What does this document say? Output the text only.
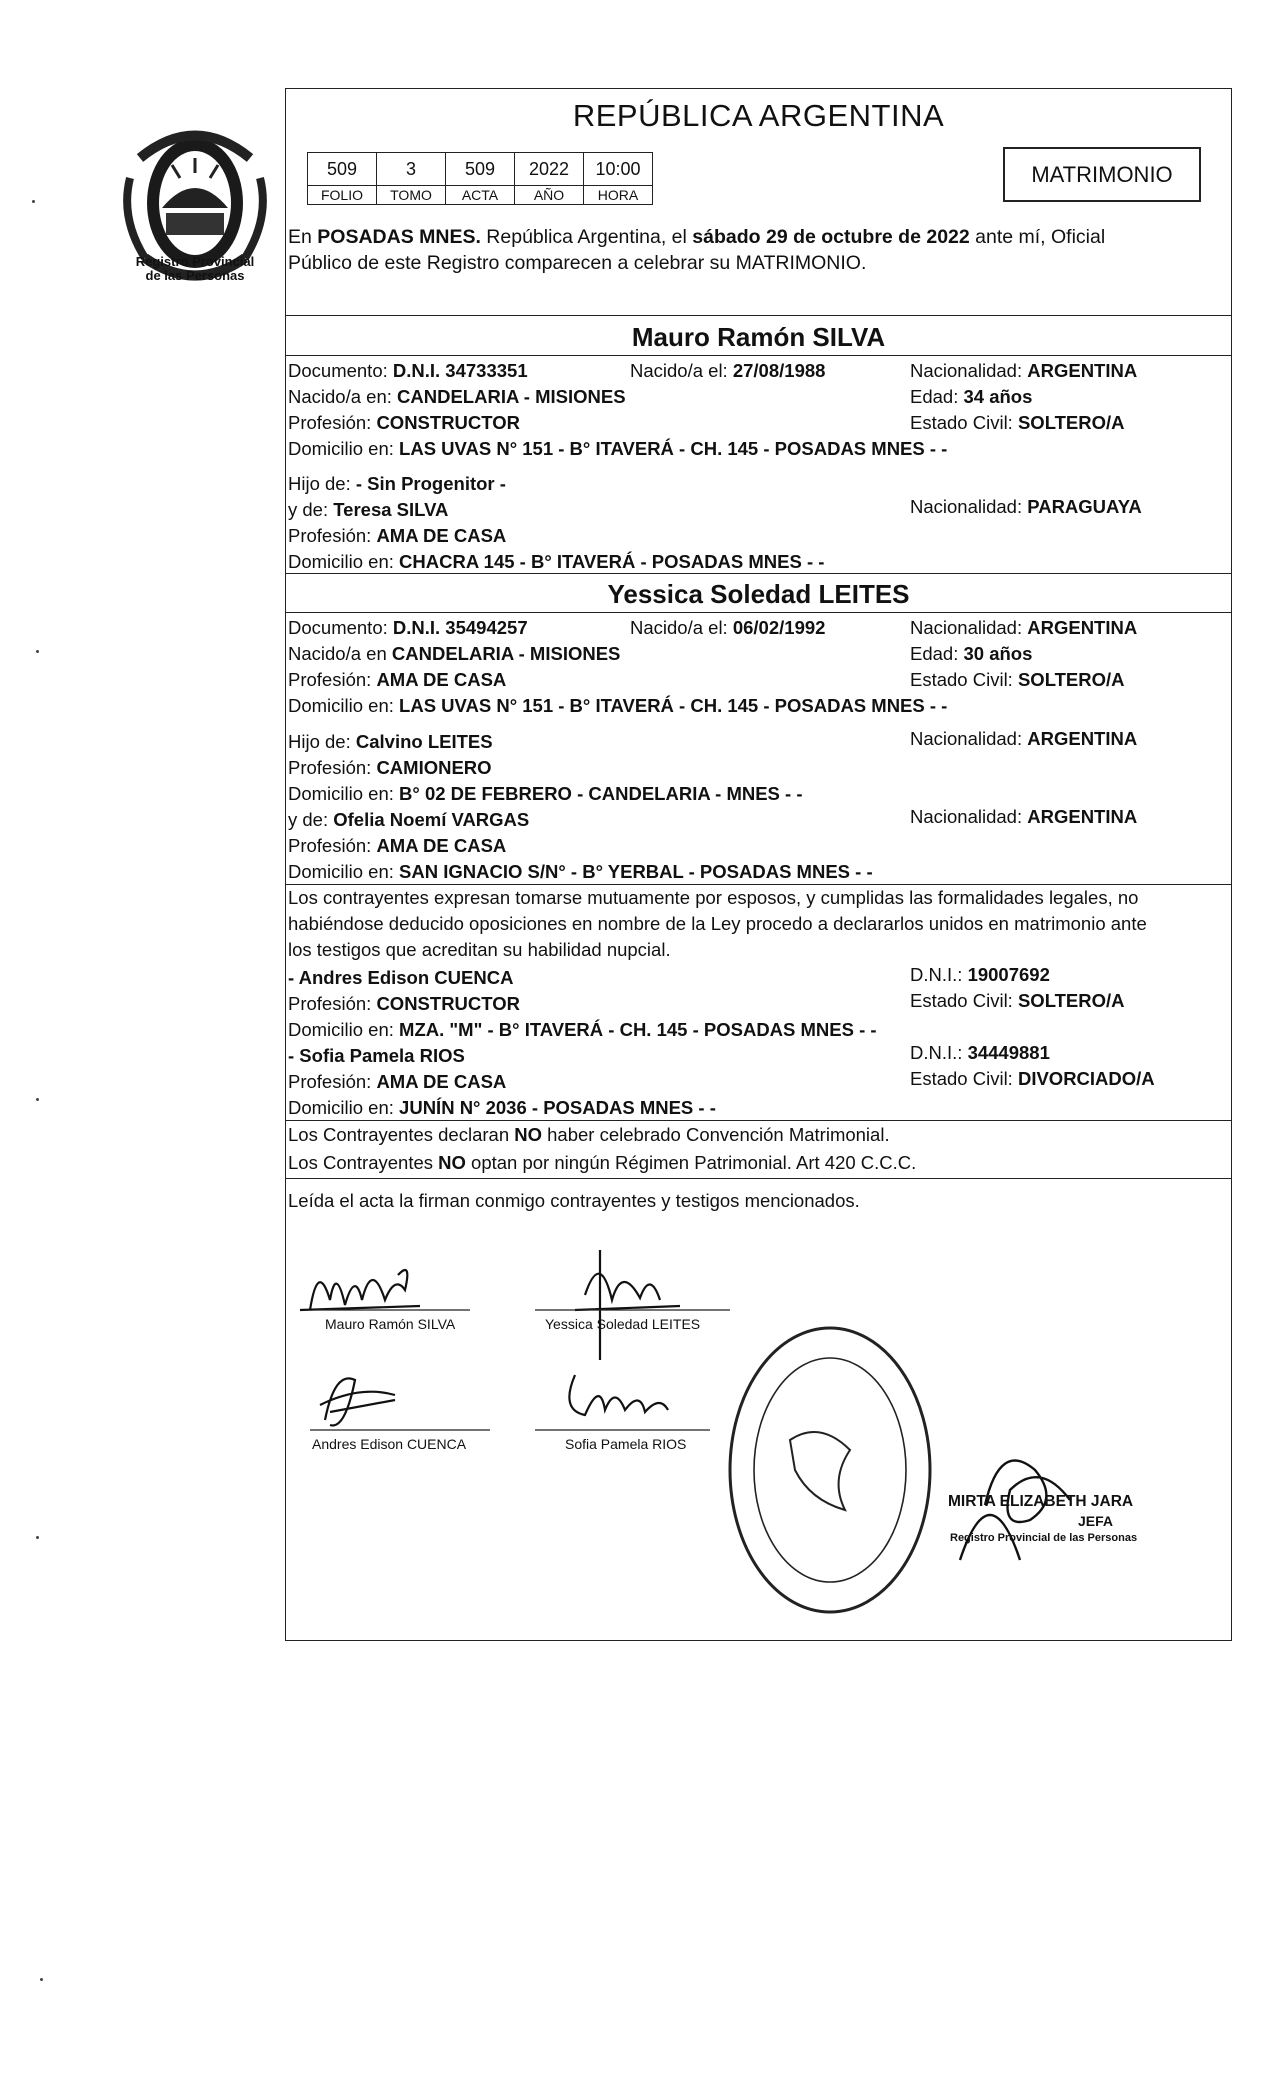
Registro Provincial
de las Personas
REPÚBLICA ARGENTINA
509	3	509	2022	10:00
FOLIO	TOMO	ACTA	AÑO	HORA
MATRIMONIO
En POSADAS MNES. República Argentina, el sábado 29 de octubre de 2022 ante mí, Oficial
Público de este Registro comparecen a celebrar su MATRIMONIO.
Mauro Ramón SILVA
Documento: D.N.I. 34733351	Nacido/a el: 27/08/1988	Nacionalidad: ARGENTINA
Nacido/a en: CANDELARIA - MISIONES	Edad: 34 años
Profesión: CONSTRUCTOR	Estado Civil: SOLTERO/A
Domicilio en: LAS UVAS N° 151 - B° ITAVERÁ - CH. 145 - POSADAS MNES - -
Hijo de: - Sin Progenitor -
y de: Teresa SILVA	Nacionalidad: PARAGUAYA
Profesión: AMA DE CASA
Domicilio en: CHACRA 145 - B° ITAVERÁ - POSADAS MNES - -
Yessica Soledad LEITES
Documento: D.N.I. 35494257	Nacido/a el: 06/02/1992	Nacionalidad: ARGENTINA
Nacido/a en CANDELARIA - MISIONES	Edad: 30 años
Profesión: AMA DE CASA	Estado Civil: SOLTERO/A
Domicilio en: LAS UVAS N° 151 - B° ITAVERÁ - CH. 145 - POSADAS MNES - -
Hijo de: Calvino LEITES	Nacionalidad: ARGENTINA
Profesión: CAMIONERO
Domicilio en: B° 02 DE FEBRERO - CANDELARIA - MNES - -
y de: Ofelia Noemí VARGAS	Nacionalidad: ARGENTINA
Profesión: AMA DE CASA
Domicilio en: SAN IGNACIO S/N° - B° YERBAL - POSADAS MNES - -
Los contrayentes expresan tomarse mutuamente por esposos, y cumplidas las formalidades legales, no
habiéndose deducido oposiciones en nombre de la Ley procedo a declararlos unidos en matrimonio ante
los testigos que acreditan su habilidad nupcial.
- Andres Edison CUENCA	D.N.I.: 19007692
Profesión: CONSTRUCTOR	Estado Civil: SOLTERO/A
Domicilio en: MZA. "M" - B° ITAVERÁ - CH. 145 - POSADAS MNES - -
- Sofia Pamela RIOS	D.N.I.: 34449881
Profesión: AMA DE CASA	Estado Civil: DIVORCIADO/A
Domicilio en: JUNÍN N° 2036 - POSADAS MNES - -
Los Contrayentes declaran NO haber celebrado Convención Matrimonial.
Los Contrayentes NO optan por ningún Régimen Patrimonial. Art 420 C.C.C.
Leída el acta la firman conmigo contrayentes y testigos mencionados.
Mauro Ramón SILVA	Yessica Soledad LEITES
Andres Edison CUENCA	Sofia Pamela RIOS
MIRTA ELIZABETH JARA
JEFA
Registro Provincial de las Personas
